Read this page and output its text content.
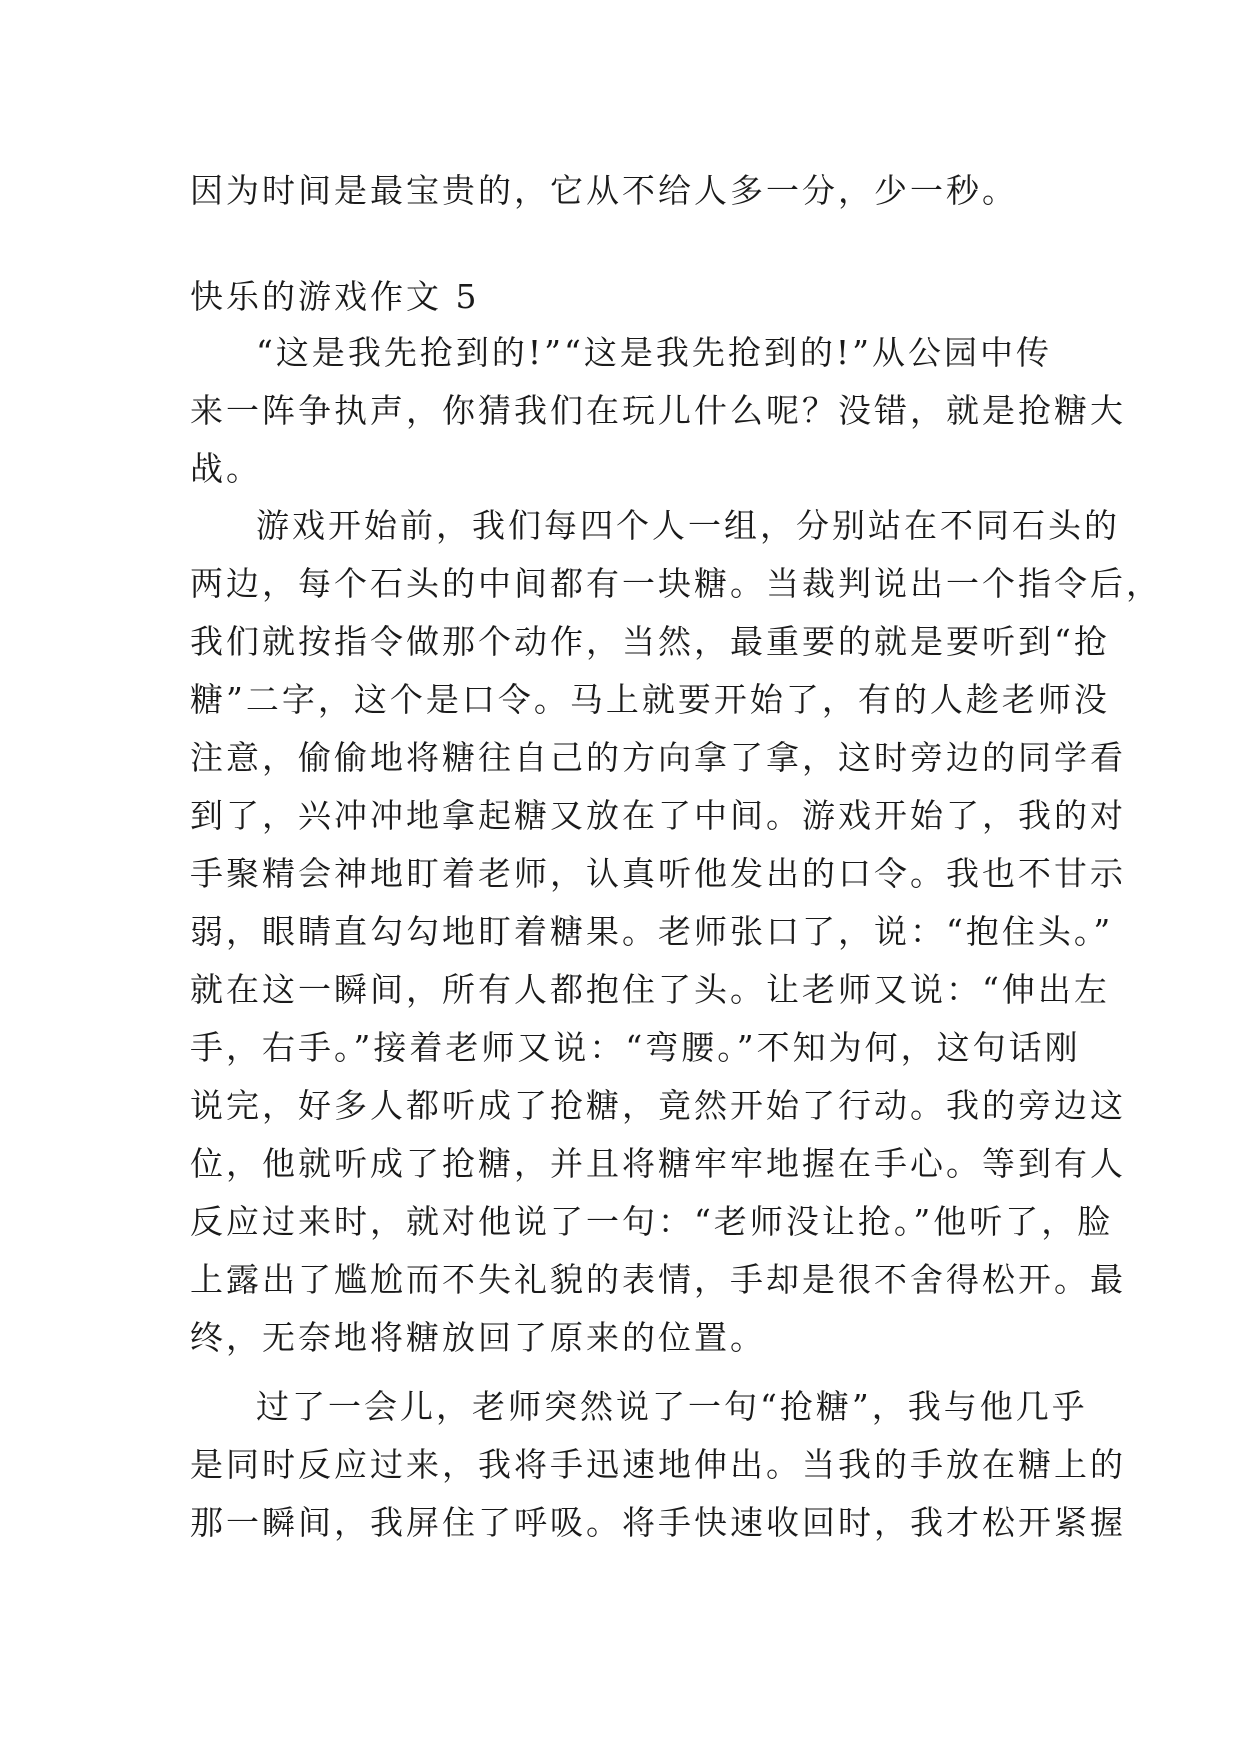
因为时间是最宝贵的，它从不给人多一分，少一秒。
快乐的游戏作文 5
“这是我先抢到的!”“这是我先抢到的!”从公园中传
来一阵争执声，你猜我们在玩儿什么呢？没错，就是抢糖大
战。
游戏开始前，我们每四个人一组，分别站在不同石头的
两边，每个石头的中间都有一块糖。当裁判说出一个指令后，
我们就按指令做那个动作，当然，最重要的就是要听到“抢
糖”二字，这个是口令。马上就要开始了，有的人趁老师没
注意，偷偷地将糖往自己的方向拿了拿，这时旁边的同学看
到了，兴冲冲地拿起糖又放在了中间。游戏开始了，我的对
手聚精会神地盯着老师，认真听他发出的口令。我也不甘示
弱，眼睛直勾勾地盯着糖果。老师张口了，说：“抱住头。”
就在这一瞬间，所有人都抱住了头。让老师又说：“伸出左
手，右手。”接着老师又说：“弯腰。”不知为何，这句话刚
说完，好多人都听成了抢糖，竟然开始了行动。我的旁边这
位，他就听成了抢糖，并且将糖牢牢地握在手心。等到有人
反应过来时，就对他说了一句：“老师没让抢。”他听了，脸
上露出了尴尬而不失礼貌的表情，手却是很不舍得松开。最
终，无奈地将糖放回了原来的位置。
过了一会儿，老师突然说了一句“抢糖”，我与他几乎
是同时反应过来，我将手迅速地伸出。当我的手放在糖上的
那一瞬间，我屏住了呼吸。将手快速收回时，我才松开紧握
